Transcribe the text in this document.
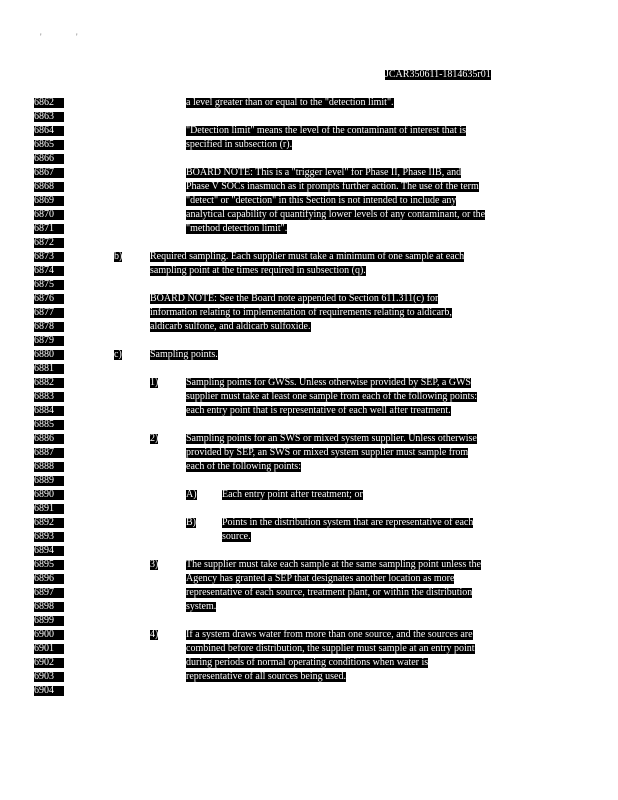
'	'
JCAR350611-1814635r01
6862
6863
6864
6865
6866
6867
6868
6869
6870
6871
6872
6873
6874
6875
6876
6877
6878
6879
6880
6881
6882
6883
6884
6885
6886
6887
6888
6889
6890
6891
6892
6893
6894
6895
6896
6897
6898
6899
6900
6901
6902
6903
6904
a level greater than or equal to the "detection limit".
"Detection limit" means the level of the contaminant of interest that is
specified in subsection (r).
BOARD NOTE: This is a "trigger level" for Phase II, Phase IIB, and
Phase V SOCs inasmuch as it prompts further action. The use of the term
"detect" or "detection" in this Section is not intended to include any
analytical capability of quantifying lower levels of any contaminant, or the
"method detection limit".
b)	Required sampling. Each supplier must take a minimum of one sample at each
sampling point at the times required in subsection (q).
BOARD NOTE: See the Board note appended to Section 611.311(c) for
information relating to implementation of requirements relating to aldicarb,
aldicarb sulfone, and aldicarb sulfoxide.
c)	Sampling points.
1)	Sampling points for GWSs. Unless otherwise provided by SEP, a GWS
supplier must take at least one sample from each of the following points:
each entry point that is representative of each well after treatment.
2)	Sampling points for an SWS or mixed system supplier. Unless otherwise
provided by SEP, an SWS or mixed system supplier must sample from
each of the following points:
A)	Each entry point after treatment; or
B)	Points in the distribution system that are representative of each
source.
3)	The supplier must take each sample at the same sampling point unless the
Agency has granted a SEP that designates another location as more
representative of each source, treatment plant, or within the distribution
system.
4)	If a system draws water from more than one source, and the sources are
combined before distribution, the supplier must sample at an entry point
during periods of normal operating conditions when water is
representative of all sources being used.
